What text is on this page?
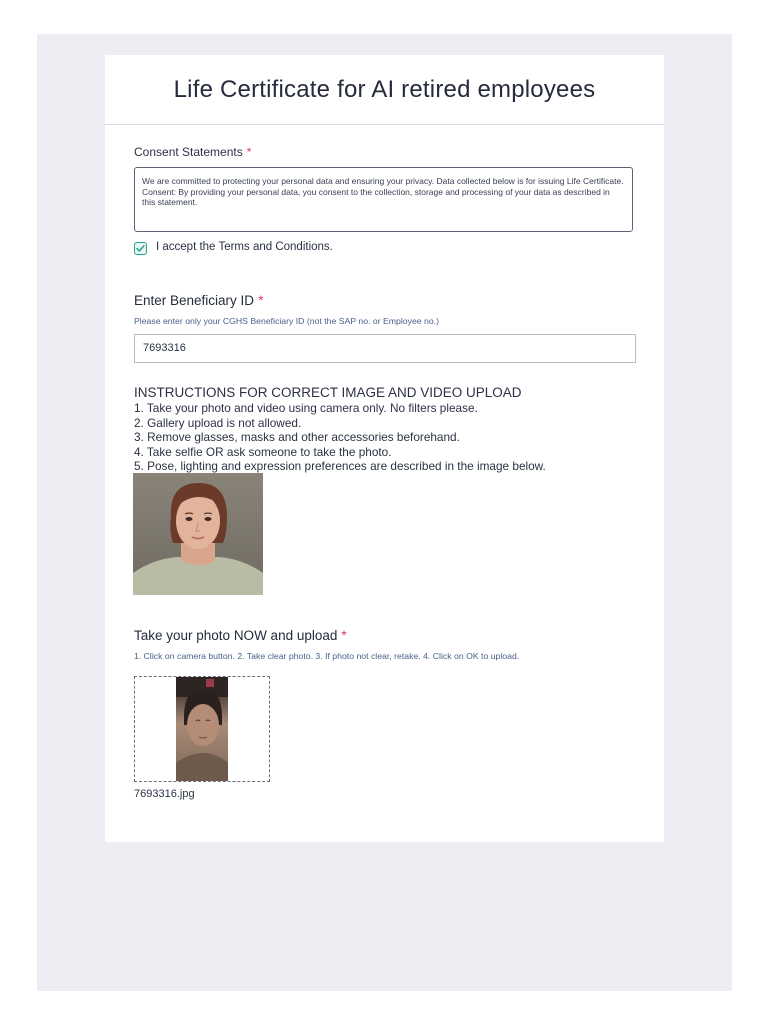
Life Certificate for AI retired employees
Consent Statements *
We are committed to protecting your personal data and ensuring your privacy. Data collected below is for issuing Life Certificate.
Consent: By providing your personal data, you consent to the collection, storage and processing of your data as described in this statement.
I accept the Terms and Conditions.
Enter Beneficiary ID *
Please enter only your CGHS Beneficiary ID (not the SAP no. or Employee no.)
7693316
INSTRUCTIONS FOR CORRECT IMAGE AND VIDEO UPLOAD
1. Take your photo and video using camera only. No filters please.
2. Gallery upload is not allowed.
3. Remove glasses, masks and other accessories beforehand.
4. Take selfie OR ask someone to take the photo.
5. Pose, lighting and expression preferences are described in the image below.
Take your photo NOW and upload *
1. Click on camera button. 2. Take clear photo. 3. If photo not clear, retake. 4. Click on OK to upload.
7693316.jpg
